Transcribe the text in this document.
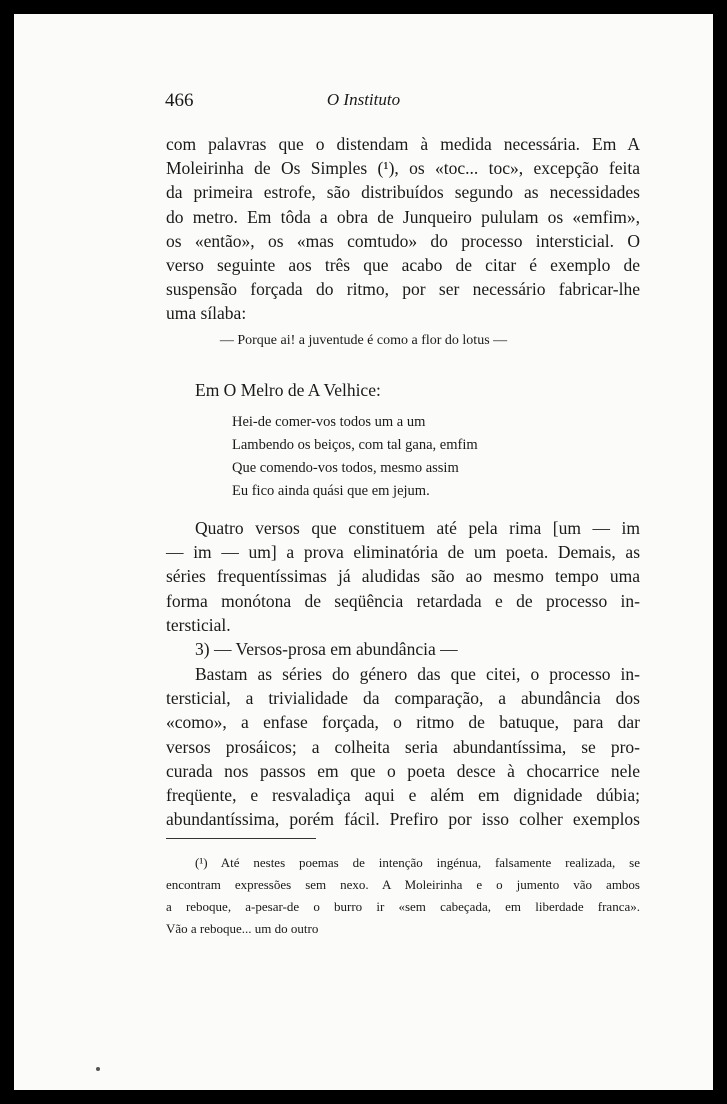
466	O Instituto
com palavras que o distendam à medida necessária. Em A
Moleirinha de Os Simples (¹), os «toc... toc», excepção feita
da primeira estrofe, são distribuídos segundo as necessidades
do metro. Em tôda a obra de Junqueiro pululam os «emfim»,
os «então», os «mas comtudo» do processo intersticial. O
verso seguinte aos três que acabo de citar é exemplo de
suspensão forçada do ritmo, por ser necessário fabricar-lhe
uma sílaba:
— Porque ai! a juventude é como a flor do lotus —
Em O Melro de A Velhice:
Hei-de comer-vos todos um a um
Lambendo os beiços, com tal gana, emfim
Que comendo-vos todos, mesmo assim
Eu fico ainda quási que em jejum.
Quatro versos que constituem até pela rima [um — im
— im — um] a prova eliminatória de um poeta. Demais, as
séries frequentíssimas já aludidas são ao mesmo tempo uma
forma monótona de seqüência retardada e de processo in-
tersticial.
3) — Versos-prosa em abundância —
Bastam as séries do género das que citei, o processo in-
tersticial, a trivialidade da comparação, a abundância dos
«como», a enfase forçada, o ritmo de batuque, para dar
versos prosáicos; a colheita seria abundantíssima, se pro-
curada nos passos em que o poeta desce à chocarrice nele
freqüente, e resvaladiça aqui e além em dignidade dúbia;
abundantíssima, porém fácil. Prefiro por isso colher exemplos
(¹) Até nestes poemas de intenção ingénua, falsamente realizada, se
encontram expressões sem nexo. A Moleirinha e o jumento vão ambos
a reboque, a-pesar-de o burro ir «sem cabeçada, em liberdade franca».
Vão a reboque... um do outro
